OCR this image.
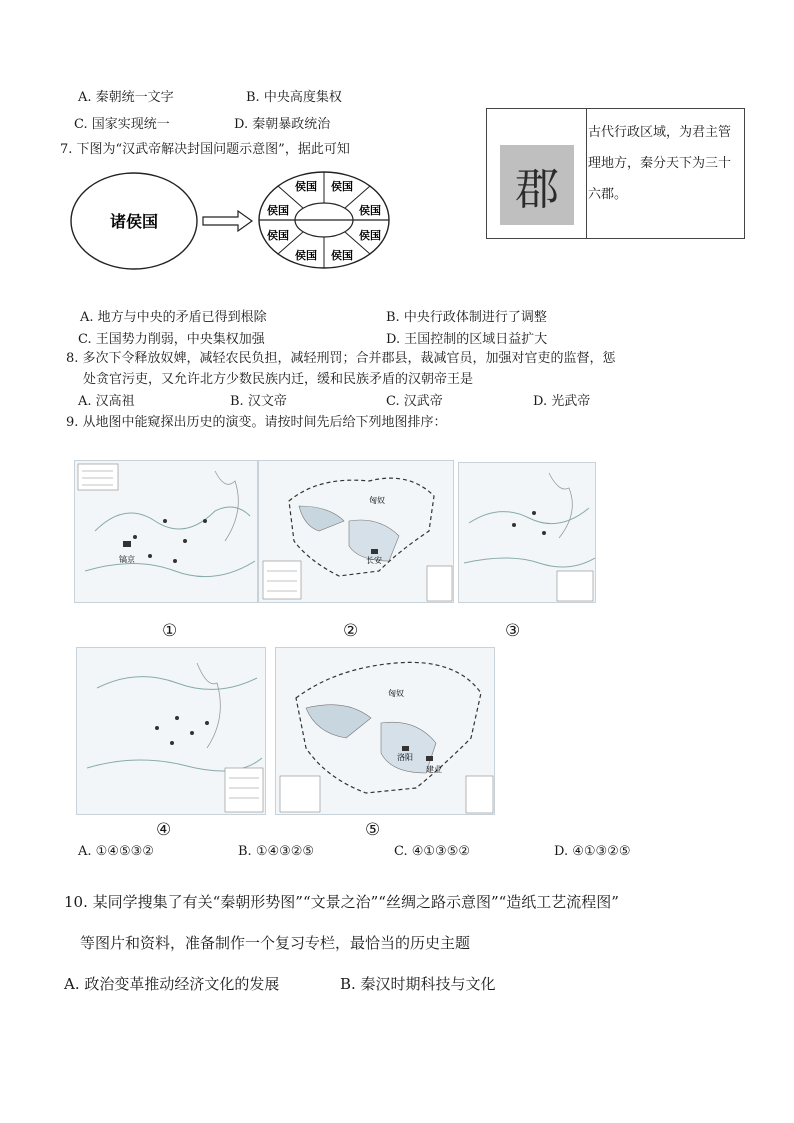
A. 秦朝统一文字	B. 中央高度集权
C. 国家实现统一	D. 秦朝暴政统治
郡
古代行政区域，为君主管理地方，秦分天下为三十六郡。
7. 下图为“汉武帝解决封国问题示意图”，据此可知
诸侯国
侯国 侯国
侯国	侯国
侯国	侯国
侯国 侯国
A. 地方与中央的矛盾已得到根除	B. 中央行政体制进行了调整
C. 王国势力削弱，中央集权加强	D. 王国控制的区域日益扩大
8. 多次下令释放奴婢，减轻农民负担，减轻刑罚；合并郡县，裁减官员，加强对官吏的监督，惩
处贪官污吏，又允许北方少数民族内迁，缓和民族矛盾的汉朝帝王是
A. 汉高祖	B. 汉文帝	C. 汉武帝	D. 光武帝
9. 从地图中能窥探出历史的演变。请按时间先后给下列地图排序：
镐京
匈奴
长安
①	②	③
匈奴
洛阳
建业
④	⑤
A. ①④⑤③②	B. ①④③②⑤	C. ④①③⑤②	D. ④①③②⑤
10. 某同学搜集了有关“秦朝形势图”“文景之治”“丝绸之路示意图”“造纸工艺流程图”
等图片和资料，准备制作一个复习专栏，最恰当的历史主题
A. 政治变革推动经济文化的发展	B. 秦汉时期科技与文化
